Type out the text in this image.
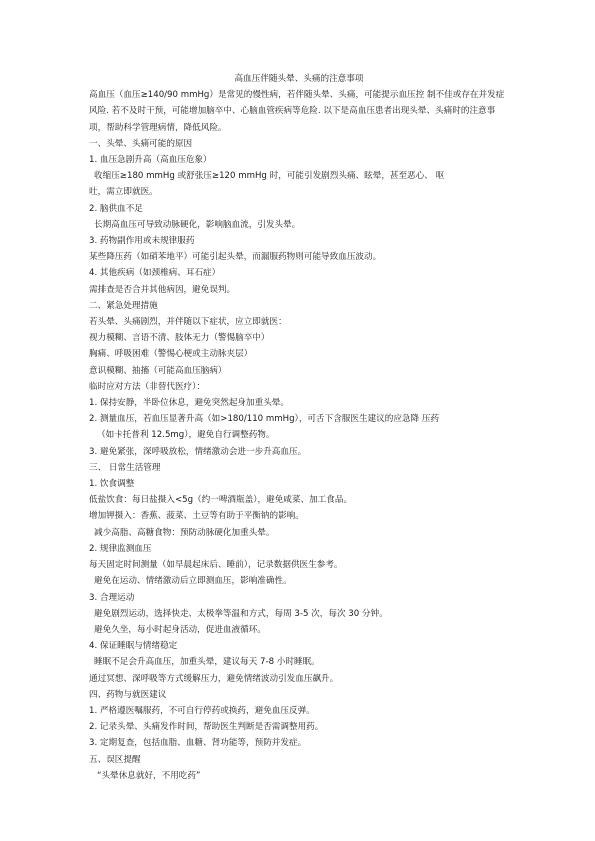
高血压伴随头晕、头痛的注意事项

高血压（血压≥140/90 mmHg）是常见的慢性病，若伴随头晕、头痛，可能提示血压控 制不佳或存在并发症风险. 若不及时干预，可能增加脑卒中、心脑血管疾病等危险. 以下是高血压患者出现头晕、头痛时的注意事项，帮助科学管理病情，降低风险。

一、头晕、头痛可能的原因

1. 血压急剧升高（高血压危象）

收缩压≥180 mmHg 或舒张压≥120 mmHg 时，可能引发剧烈头痛、眩晕，甚至恶心、 呕

吐，需立即就医。

2. 脑供血不足

长期高血压可导致动脉硬化，影响脑血流，引发头晕。

3. 药物副作用或未规律服药

某些降压药（如硝苯地平）可能引起头晕，而漏服药物则可能导致血压波动。

4. 其他疾病（如颈椎病、耳石症）

需排查是否合并其他病因，避免误判。

二、紧急处理措施

若头晕、头痛剧烈，并伴随以下症状，应立即就医：

视力模糊、言语不清、肢体无力（警惕脑卒中）

胸痛、呼吸困难（警惕心梗或主动脉夹层）

意识模糊、抽搐（可能高血压脑病）

临时应对方法（非替代医疗）：

1. 保持安静，半卧位休息，避免突然起身加重头晕。

2. 测量血压，若血压显著升高（如>180/110 mmHg），可舌下含服医生建议的应急降 压药

（如卡托普利 12.5mg），避免自行调整药物。

3. 避免紧张，深呼吸放松，情绪激动会进一步升高血压。

三、 日常生活管理

1. 饮食调整

低盐饮食：每日盐摄入<5g（约一啤酒瓶盖），避免咸菜、加工食品。

增加钾摄入：香蕉、菠菜、土豆等有助于平衡钠的影响。

减少高脂、高糖食物：预防动脉硬化加重头晕。

2. 规律监测血压

每天固定时间测量（如早晨起床后、睡前），记录数据供医生参考。

避免在运动、情绪激动后立即测血压，影响准确性。

3. 合理运动

避免剧烈运动，选择快走、太极拳等温和方式，每周 3-5 次，每次 30 分钟。

避免久坐，每小时起身活动，促进血液循环。

4. 保证睡眠与情绪稳定

睡眠不足会升高血压，加重头晕，建议每天 7-8 小时睡眠。

通过冥想、深呼吸等方式缓解压力，避免情绪波动引发血压飙升。

四、药物与就医建议

1. 严格遵医嘱服药，不可自行停药或换药，避免血压反弹。

2. 记录头晕、头痛发作时间，帮助医生判断是否需调整用药。

3. 定期复查，包括血脂、血糖、肾功能等，预防并发症。

五、误区提醒

“头晕休息就好，不用吃药”
